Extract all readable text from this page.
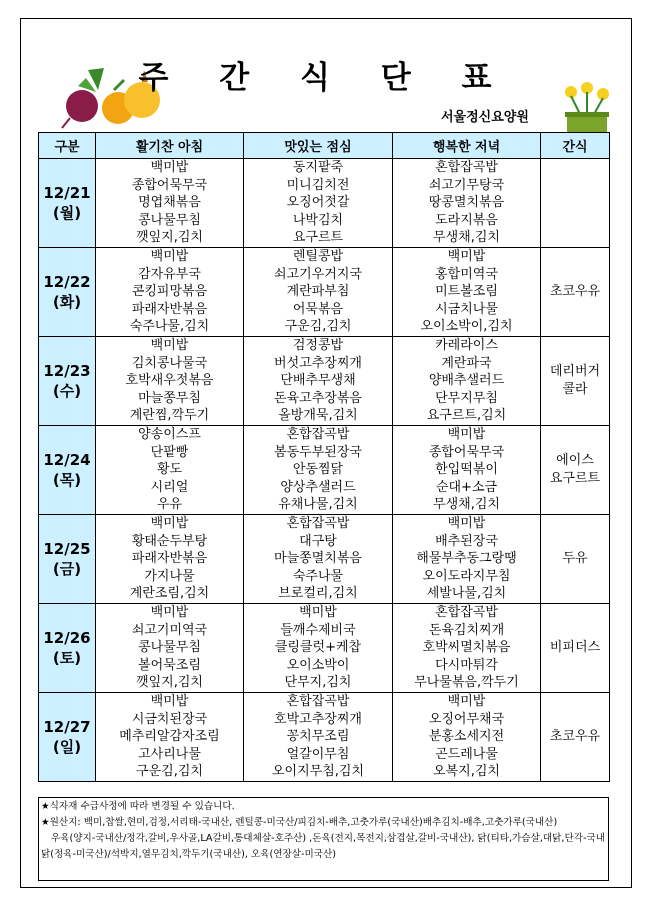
주 간 식 단 표
서울정신요양원
구분	활기찬 아침	맛있는 점심	행복한 저녁	간식

12/21
(월)	백미밥
종합어묵무국
명엽채볶음
콩나물무침
깻잎지,김치	동지팥죽
미니김치전
오징어젓갈
나박김치
요구르트	혼합잡곡밥
쇠고기무탕국
땅콩멸치볶음
도라지볶음
무생채,김치	

12/22
(화)	백미밥
감자유부국
콘킹피망볶음
파래자반볶음
숙주나물,김치	렌틸콩밥
쇠고기우거지국
계란파부침
어묵볶음
구운김,김치	백미밥
홍합미역국
미트볼조림
시금치나물
오이소박이,김치	초코우유

12/23
(수)	백미밥
김치콩나물국
호박새우젓볶음
마늘쫑무침
계란찜,깍두기	검정콩밥
버섯고추장찌개
단배추무생채
돈육고추장볶음
올방개묵,김치	카레라이스
계란파국
양배추샐러드
단무지무침
요구르트,김치	데리버거
콜라

12/24
(목)	양송이스프
단팥빵
황도
시리얼
우유	혼합잡곡밥
봄동두부된장국
안동찜닭
양상추샐러드
유채나물,김치	백미밥
종합어묵무국
한입떡볶이
순대+소금
무생채,김치	에이스
요구르트

12/25
(금)	백미밥
황태순두부탕
파래자반볶음
가지나물
계란조림,김치	혼합잡곡밥
대구탕
마늘쫑멸치볶음
숙주나물
브로컬리,김치	백미밥
배추된장국
해물부추동그랑땡
오이도라지무침
세발나물,김치	두유

12/26
(토)	백미밥
쇠고기미역국
콩나물무침
볼어묵조림
깻잎지,김치	백미밥
들깨수제비국
클링클럿+케찹
오이소박이
단무지,김치	혼합잡곡밥
돈육김치찌개
호박씨멸치볶음
다시마튀각
무나물볶음,깍두기	비피더스

12/27
(일)	백미밥
시금치된장국
메추리알감자조림
고사리나물
구운김,김치	혼합잡곡밥
호박고추장찌개
꽁치무조림
얼갈이무침
오이지무침,김치	백미밥
오징어무채국
분홍소세지전
곤드레나물
오복지,김치	초코우유
★식자재 수급사정에 따라 변경될 수 있습니다.
★원산지: 백미,찹쌀,현미,검정,서리태-국내산, 렌틸콩-미국산/피김치-배추,고춧가루(국내산)배추김치-배추,고춧가루(국내산)
우육(양지-국내산/정각,갈비,우사골,LA갈비,통대체살-호주산) ,돈육(전지,목전지,삼겹살,갈비-국내산), 닭(티타,가슴살,대닭,단각-국내
닭(정육-미국산)/석박지,열무김치,깍두기(국내산), 오육(연장살-미국산)
